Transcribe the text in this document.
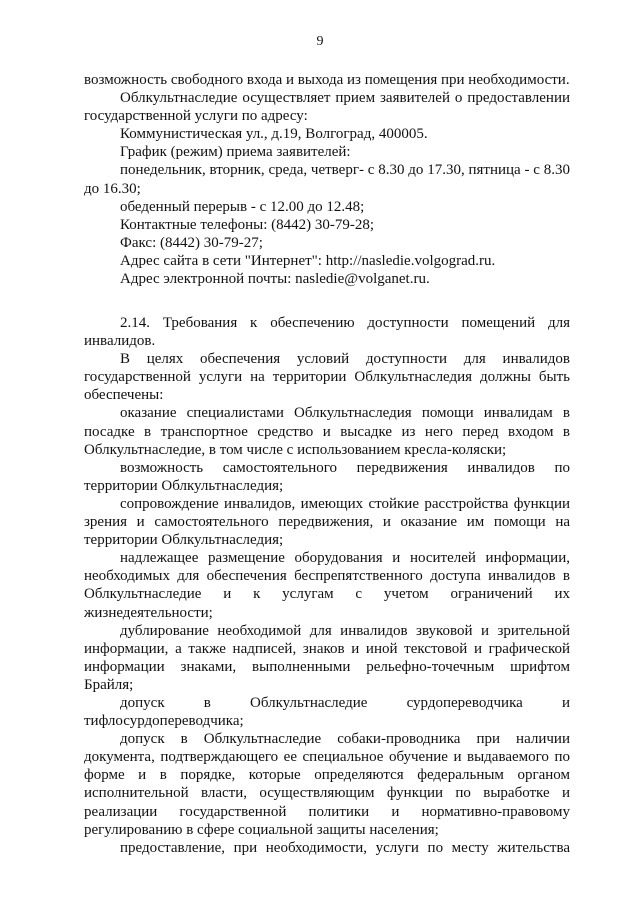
9

возможность свободного входа и выхода из помещения при необходимости.

Облкультнаследие осуществляет прием заявителей о предоставлении государственной услуги по адресу:

Коммунистическая ул., д.19, Волгоград, 400005.

График (режим) приема заявителей:

понедельник, вторник, среда, четверг- с 8.30 до 17.30, пятница - с 8.30 до 16.30;

обеденный перерыв - с 12.00 до 12.48;

Контактные телефоны: (8442) 30-79-28;

Факс: (8442) 30-79-27;

Адрес сайта в сети "Интернет": http://nasledie.volgograd.ru.

Адрес электронной почты: nasledie@volganet.ru.

2.14. Требования к обеспечению доступности помещений для инвалидов.

В целях обеспечения условий доступности для инвалидов государственной услуги на территории Облкультнаследия должны быть обеспечены:

оказание специалистами Облкультнаследия помощи инвалидам в посадке в транспортное средство и высадке из него перед входом в Облкультнаследие, в том числе с использованием кресла-коляски;

возможность самостоятельного передвижения инвалидов по территории Облкультнаследия;

сопровождение инвалидов, имеющих стойкие расстройства функции зрения и самостоятельного передвижения, и оказание им помощи на территории Облкультнаследия;

надлежащее размещение оборудования и носителей информации, необходимых для обеспечения беспрепятственного доступа инвалидов в Облкультнаследие и к услугам с учетом ограничений их жизнедеятельности;

дублирование необходимой для инвалидов звуковой и зрительной информации, а также надписей, знаков и иной текстовой и графической информации знаками, выполненными рельефно-точечным шрифтом Брайля;

допуск в Облкультнаследие сурдопереводчика и тифлосурдопереводчика;

допуск в Облкультнаследие собаки-проводника при наличии документа, подтверждающего ее специальное обучение и выдаваемого по форме и в порядке, которые определяются федеральным органом исполнительной власти, осуществляющим функции по выработке и реализации государственной политики и нормативно-правовому регулированию в сфере социальной защиты населения;

предоставление, при необходимости, услуги по месту жительства
